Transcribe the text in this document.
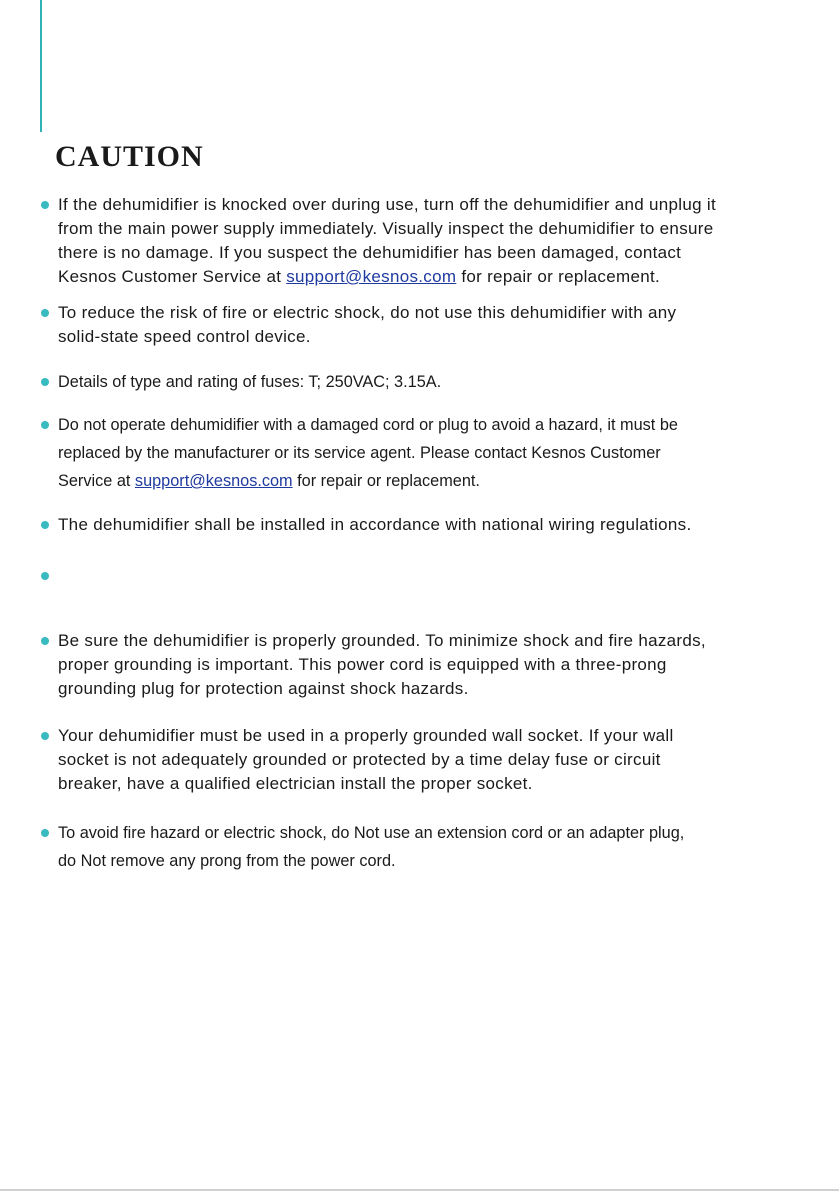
CAUTION
If the dehumidifier is knocked over during use, turn off the dehumidifier and unplug it
from the main power supply immediately. Visually inspect the dehumidifier to ensure
there is no damage. If you suspect the dehumidifier has been damaged, contact
Kesnos Customer Service at support@kesnos.com for repair or replacement.
To reduce the risk of fire or electric shock, do not use this dehumidifier with any
solid-state speed control device.
Details of type and rating of fuses: T; 250VAC; 3.15A.
Do not operate dehumidifier with a damaged cord or plug to avoid a hazard, it must be
replaced by the manufacturer or its service agent. Please contact Kesnos Customer
Service at support@kesnos.com for repair or replacement.
The dehumidifier shall be installed in accordance with national wiring regulations.
Be sure the dehumidifier is properly grounded. To minimize shock and fire hazards,
proper grounding is important. This power cord is equipped with a three-prong
grounding plug for protection against shock hazards.
Your dehumidifier must be used in a properly grounded wall socket. If your wall
socket is not adequately grounded or protected by a time delay fuse or circuit
breaker, have a qualified electrician install the proper socket.
To avoid fire hazard or electric shock, do Not use an extension cord or an adapter plug,
do Not remove any prong from the power cord.
